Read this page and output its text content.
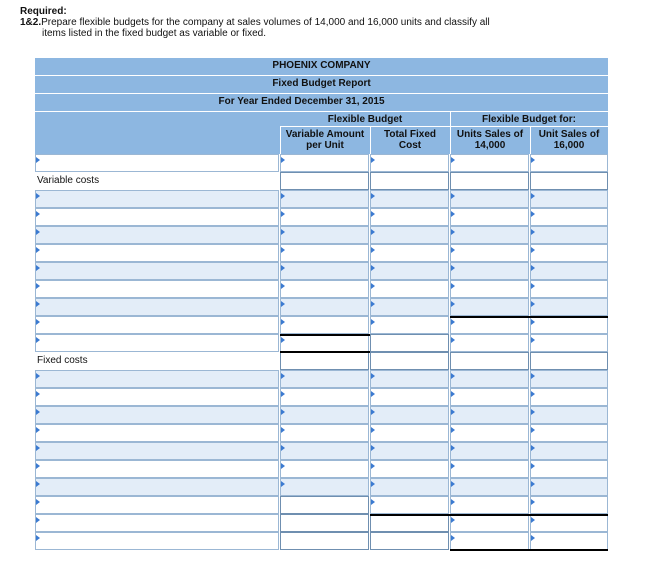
Required:
1&2.Prepare flexible budgets for the company at sales volumes of 14,000 and 16,000 units and classify all
items listed in the fixed budget as variable or fixed.
PHOENIX COMPANY
Fixed Budget Report
For Year Ended December 31, 2015
Flexible Budget	Flexible Budget for:
Variable Amount
per Unit
Total Fixed
Cost
Units Sales of
14,000
Unit Sales of
16,000
Variable costs
Fixed costs
